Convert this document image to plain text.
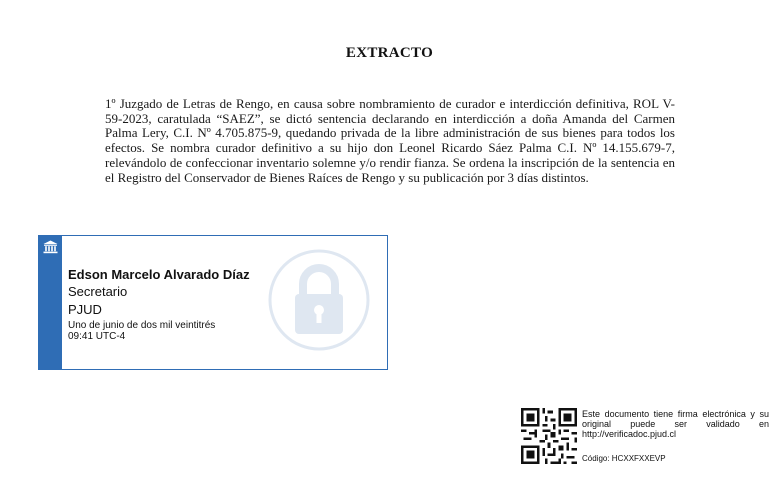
EXTRACTO
1º Juzgado de Letras de Rengo, en causa sobre nombramiento de curador e interdicción definitiva, ROL V-59-2023, caratulada “SAEZ”, se dictó sentencia declarando en interdicción a doña Amanda del Carmen Palma Lery, C.I. Nº 4.705.875-9, quedando privada de la libre administración de sus bienes para todos los efectos. Se nombra curador definitivo a su hijo don Leonel Ricardo Sáez Palma C.I. Nº 14.155.679-7, relevándolo de confeccionar inventario solemne y/o rendir fianza. Se ordena la inscripción de la sentencia en el Registro del Conservador de Bienes Raíces de Rengo y su publicación por 3 días distintos.
Edson Marcelo Alvarado Díaz
Secretario
PJUD
Uno de junio de dos mil veintitrés
09:41 UTC-4
Este documento tiene firma electrónica y su original puede ser validado en http://verificadoc.pjud.cl
Código: HCXXFXXEVP
